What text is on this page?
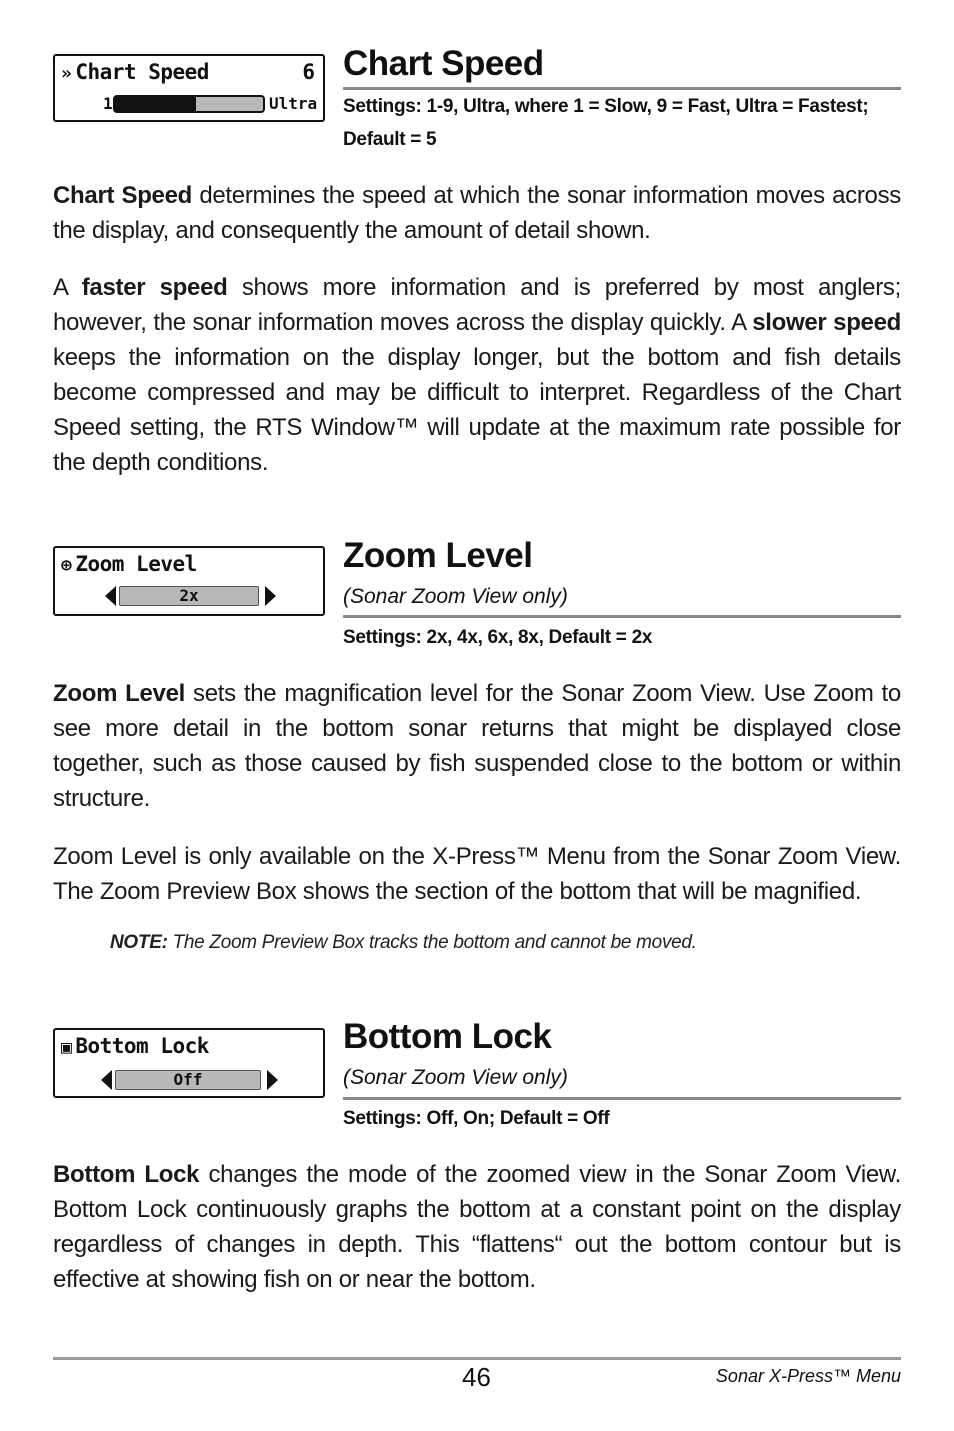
» Chart Speed	6
1	Ultra
Chart Speed
Settings: 1-9, Ultra, where 1 = Slow, 9 = Fast, Ultra = Fastest;
Default = 5
Chart Speed determines the speed at which the sonar information moves across the display, and consequently the amount of detail shown.
A faster speed shows more information and is preferred by most anglers; however, the sonar information moves across the display quickly. A slower speed keeps the information on the display longer, but the bottom and fish details become compressed and may be difficult to interpret. Regardless of the Chart Speed setting, the RTS Window™ will update at the maximum rate possible for the depth conditions.
⊕ Zoom Level
2x
Zoom Level
(Sonar Zoom View only)
Settings: 2x, 4x, 6x, 8x, Default = 2x
Zoom Level sets the magnification level for the Sonar Zoom View. Use Zoom to see more detail in the bottom sonar returns that might be displayed close together, such as those caused by fish suspended close to the bottom or within structure.
Zoom Level is only available on the X-Press™ Menu from the Sonar Zoom View. The Zoom Preview Box shows the section of the bottom that will be magnified.
NOTE: The Zoom Preview Box tracks the bottom and cannot be moved.
▣ Bottom Lock
Off
Bottom Lock
(Sonar Zoom View only)
Settings: Off, On; Default = Off
Bottom Lock changes the mode of the zoomed view in the Sonar Zoom View. Bottom Lock continuously graphs the bottom at a constant point on the display regardless of changes in depth. This “flattens“ out the bottom contour but is effective at showing fish on or near the bottom.
46	Sonar X-Press™ Menu
